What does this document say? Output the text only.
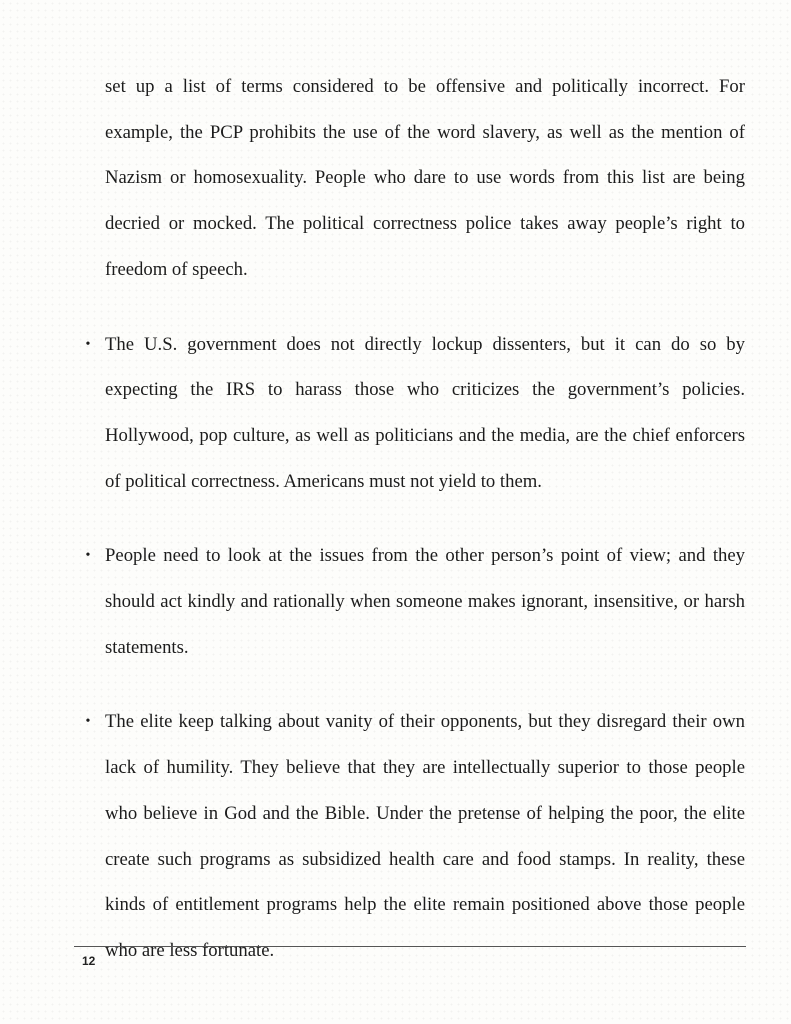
set up a list of terms considered to be offensive and politically incorrect. For example, the PCP prohibits the use of the word slavery, as well as the mention of Nazism or homosexuality. People who dare to use words from this list are being decried or mocked. The political correctness police takes away people’s right to freedom of speech.

• The U.S. government does not directly lockup dissenters, but it can do so by expecting the IRS to harass those who criticizes the government’s policies. Hollywood, pop culture, as well as politicians and the media, are the chief enforcers of political correctness. Americans must not yield to them.

• People need to look at the issues from the other person’s point of view; and they should act kindly and rationally when someone makes ignorant, insensitive, or harsh statements.

• The elite keep talking about vanity of their opponents, but they disregard their own lack of humility. They believe that they are intellectually superior to those people who believe in God and the Bible. Under the pretense of helping the poor, the elite create such programs as subsidized health care and food stamps. In reality, these kinds of entitlement programs help the elite remain positioned above those people who are less fortunate.

12
